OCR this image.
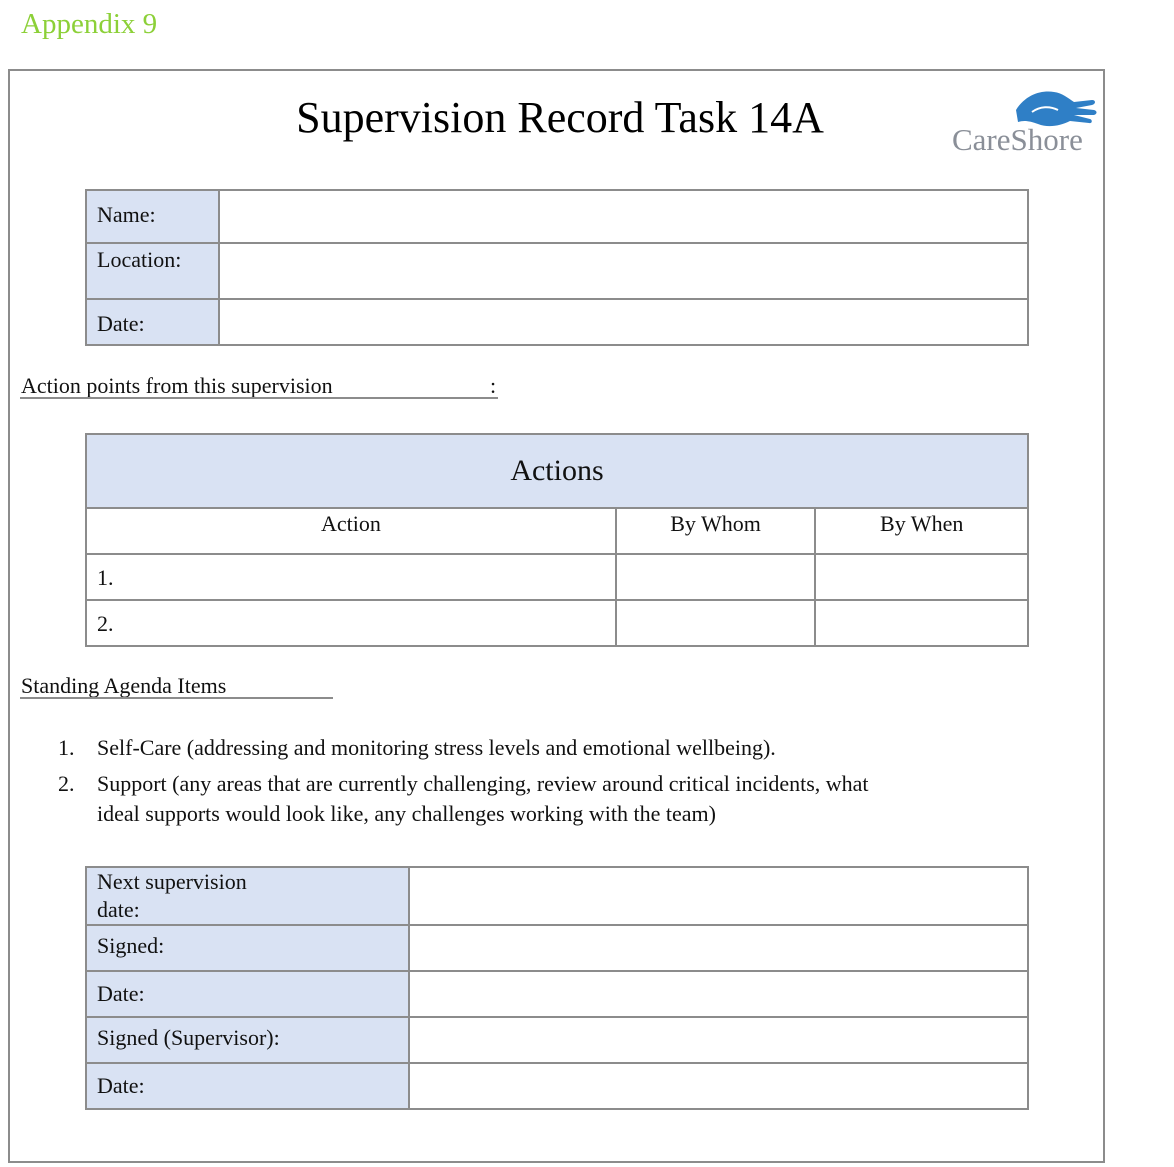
Appendix 9
Supervision Record Task 14A	CareShore
Name:	
Location:	
Date:	
Action points from this supervision	:
Actions		
Action	By Whom	By When
1.		
2.		
Standing Agenda Items
1. Self-Care (addressing and monitoring stress levels and emotional wellbeing).
2. Support (any areas that are currently challenging, review around critical incidents, what ideal supports would look like, any challenges working with the team)
Next supervision date:	

Signed:	
Date:	
Signed (Supervisor):	
Date:	
